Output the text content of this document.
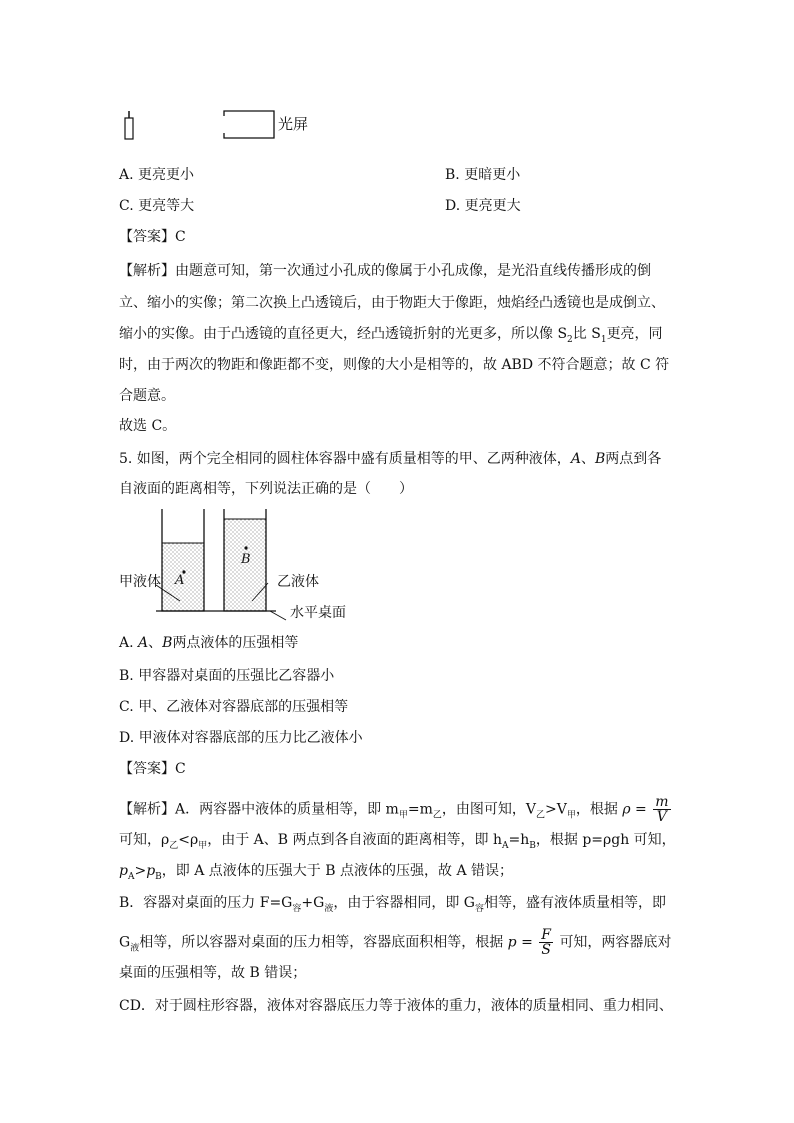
光屏
A. 更亮更小	B. 更暗更小
C. 更亮等大	D. 更亮更大
【答案】C
【解析】由题意可知，第一次通过小孔成的像属于小孔成像，是光沿直线传播形成的倒
立、缩小的实像；第二次换上凸透镜后，由于物距大于像距，烛焰经凸透镜也是成倒立、
缩小的实像。由于凸透镜的直径更大，经凸透镜折射的光更多，所以像 $S_2$比 $S_1$更亮，同
时，由于两次的物距和像距都不变，则像的大小是相等的，故 ABD 不符合题意；故 C 符
合题意。
故选 C。
5. 如图，两个完全相同的圆柱体容器中盛有质量相等的甲、乙两种液体，A、B两点到各
自液面的距离相等，下列说法正确的是（　　）
A
B
甲液体	乙液体
水平桌面
A. A、B两点液体的压强相等
B. 甲容器对桌面的压强比乙容器小
C. 甲、乙液体对容器底部的压强相等
D. 甲液体对容器底部的压力比乙液体小
【答案】C
【解析】A．两容器中液体的质量相等，即 $m_甲=m_乙$，由图可知，$V_乙>V_甲$，根据 $\rho = \frac{m}{V}$
可知，$\rho_乙<\rho_甲$，由于 A、B 两点到各自液面的距离相等，即 $h_A=h_B$，根据 p=ρgh 可知，
$p_A>p_B$，即 A 点液体的压强大于 B 点液体的压强，故 A 错误；
B．容器对桌面的压力 $F=G_容+G_液$，由于容器相同，即 $G_容$相等，盛有液体质量相等，即
$G_液$相等，所以容器对桌面的压力相等，容器底面积相等，根据 $p = \frac{F}{S}$ 可知，两容器底对
桌面的压强相等，故 B 错误；
CD．对于圆柱形容器，液体对容器底压力等于液体的重力，液体的质量相同、重力相同、
